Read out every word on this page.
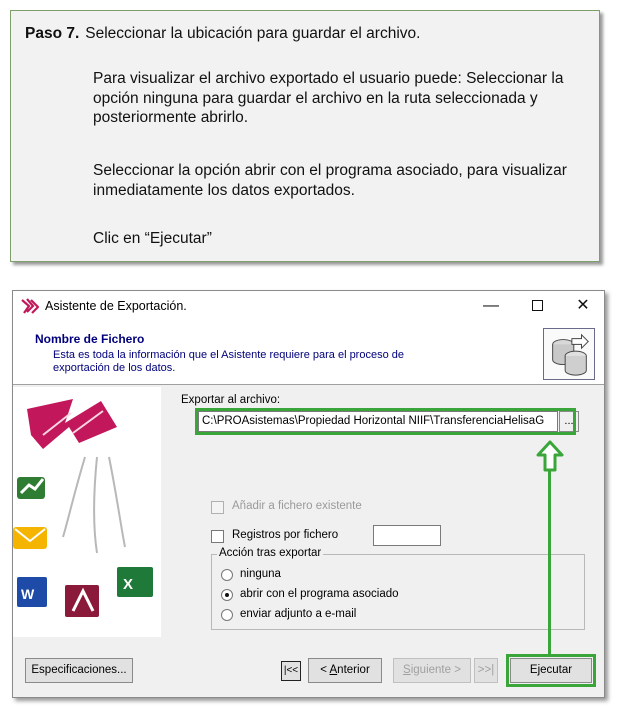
Paso 7. Seleccionar la ubicación para guardar el archivo.

Para visualizar el archivo exportado el usuario puede: Seleccionar la opción ninguna para guardar el archivo en la ruta seleccionada y posteriormente abrirlo.

Seleccionar la opción abrir con el programa asociado, para visualizar inmediatamente los datos exportados.

Clic en “Ejecutar”

Asistente de Exportación.	—	✕
Nombre de Fichero
Esta es toda la información que el Asistente requiere para el proceso de exportación de los datos.
W
X
Exportar al archivo:
C:\PROAsistemas\Propiedad Horizontal NIIF\TransferenciaHelisaG	...
Añadir a fichero existente
Registros por fichero
Acción tras exportar
ninguna
abrir con el programa asociado
enviar adjunto a e-mail
Especificaciones...	|<<	< Anterior	Siguiente >	>>|	Ejecutar
